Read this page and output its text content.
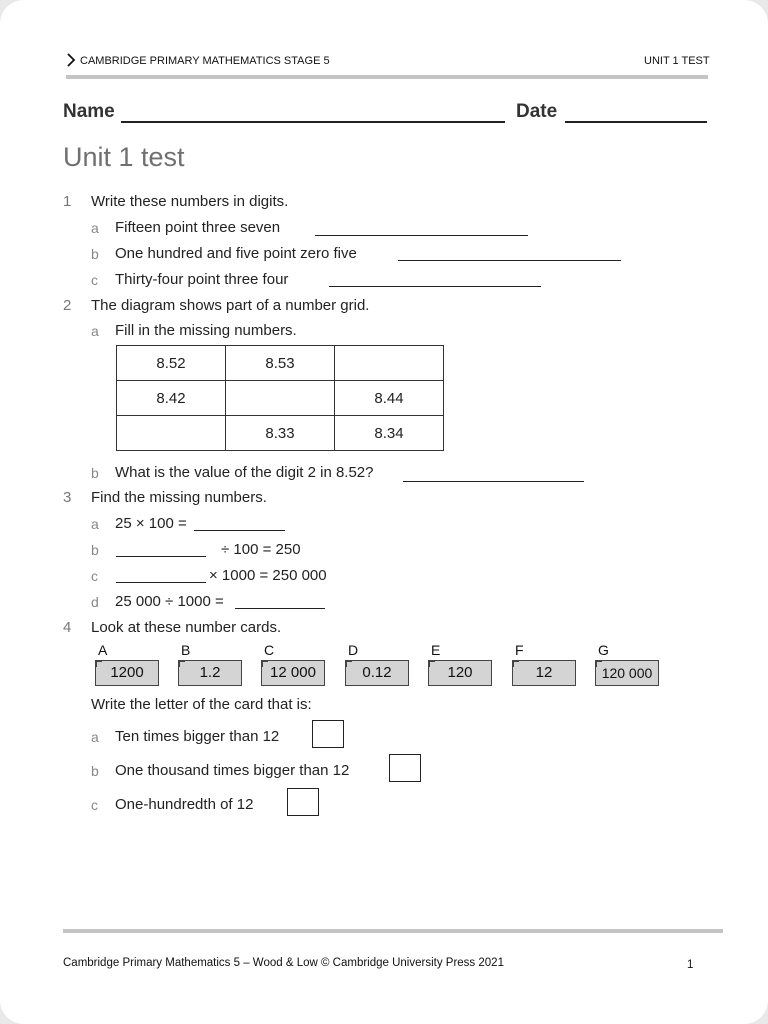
CAMBRIDGE PRIMARY MATHEMATICS STAGE 5	UNIT 1 TEST
Name	Date
Unit 1 test
1 Write these numbers in digits.
a Fifteen point three seven
b One hundred and five point zero five
c Thirty-four point three four
2 The diagram shows part of a number grid.
a Fill in the missing numbers.
8.52	8.53	
8.42		8.44
	8.33	8.34
b What is the value of the digit 2 in 8.52?
3 Find the missing numbers.
a 25 × 100 =
b	÷ 100 = 250
c	× 1000 = 250 000
d 25 000 ÷ 1000 =
4 Look at these number cards.
A
1200
B
1.2
C
12 000
D
0.12
E
120
F
12
G
120 000
Write the letter of the card that is:
a Ten times bigger than 12
b One thousand times bigger than 12
c One-hundredth of 12
Cambridge Primary Mathematics 5 – Wood & Low © Cambridge University Press 2021	1
